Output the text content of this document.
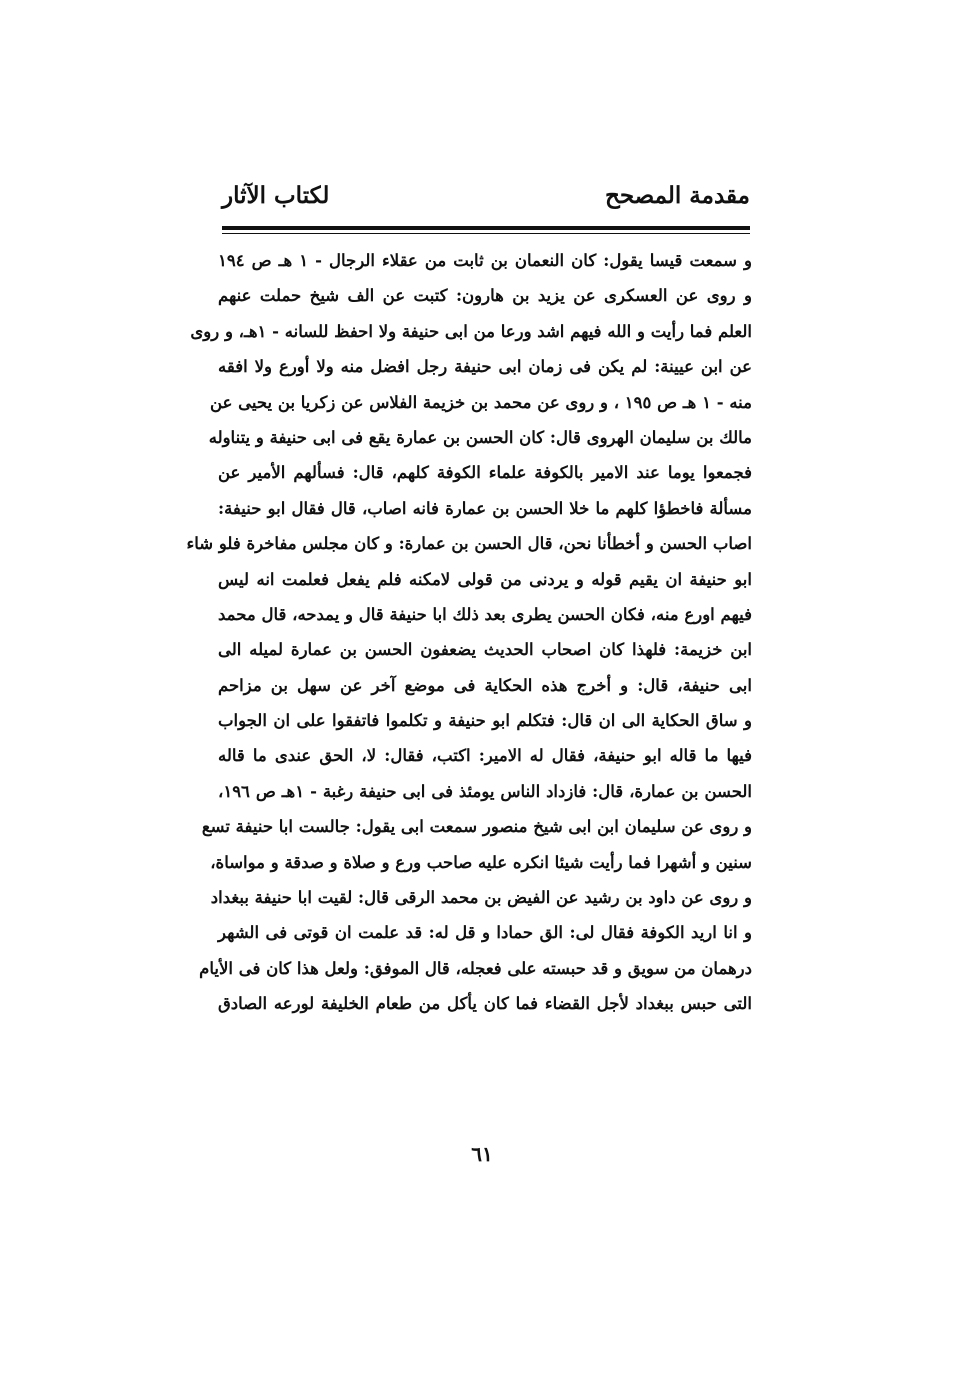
مقدمة المصحح
لكتاب الآثار
و سمعت قيسا يقول: كان النعمان بن ثابت من عقلاء الرجال - ١ هـ ص ١٩٤
و روى عن العسكرى عن يزيد بن هارون: كتبت عن الف شيخ حملت عنهم
العلم فما رأيت و الله فيهم اشد ورعا من ابى حنيفة ولا احفظ للسانه - ١هـ، و روى
عن ابن عيينة: لم يكن فى زمان ابى حنيفة رجل افضل منه ولا أورع ولا افقه
منه - ١ هـ ص ١٩٥ ، و روى عن محمد بن خزيمة الفلاس عن زكريا بن يحيى عن
مالك بن سليمان الهروى قال: كان الحسن بن عمارة يقع فى ابى حنيفة و يتناوله
فجمعوا يوما عند الامير بالكوفة علماء الكوفة كلهم، قال: فسألهم الأمير عن
مسألة فاخطؤا كلهم ما خلا الحسن بن عمارة فانه اصاب، قال فقال ابو حنيفة:
اصاب الحسن و أخطأنا نحن، قال الحسن بن عمارة: و كان مجلس مفاخرة فلو شاء
ابو حنيفة ان يقيم قوله و يردنى من قولى لامكنه فلم يفعل فعلمت انه ليس
فيهم اورع منه، فكان الحسن يطرى بعد ذلك ابا حنيفة قال و يمدحه، قال محمد
ابن خزيمة: فلهذا كان اصحاب الحديث يضعفون الحسن بن عمارة لميله الى
ابى حنيفة، قال: و أخرج هذه الحكاية فى موضع آخر عن سهل بن مزاحم
و ساق الحكاية الى ان قال: فتكلم ابو حنيفة و تكلموا فاتفقوا على ان الجواب
فيها ما قاله ابو حنيفة، فقال له الامير: اكتب، فقال: لا، الحق عندى ما قاله
الحسن بن عمارة، قال: فازداد الناس يومئذ فى ابى حنيفة رغبة - ١هـ ص ١٩٦،
و روى عن سليمان ابن ابى شيخ منصور سمعت ابى يقول: جالست ابا حنيفة تسع
سنين و أشهرا فما رأيت شيئا انكره عليه صاحب ورع و صلاة و صدقة و مواساة،
و روى عن داود بن رشيد عن الفيض بن محمد الرقى قال: لقيت ابا حنيفة ببغداد
و انا اريد الكوفة فقال لى: الق حمادا و قل له: قد علمت ان قوتى فى الشهر
درهمان من سويق و قد حبسته على فعجله، قال الموفق: ولعل هذا كان فى الأيام
التى حبس ببغداد لأجل القضاء فما كان يأكل من طعام الخليفة لورعه الصادق
٦١
